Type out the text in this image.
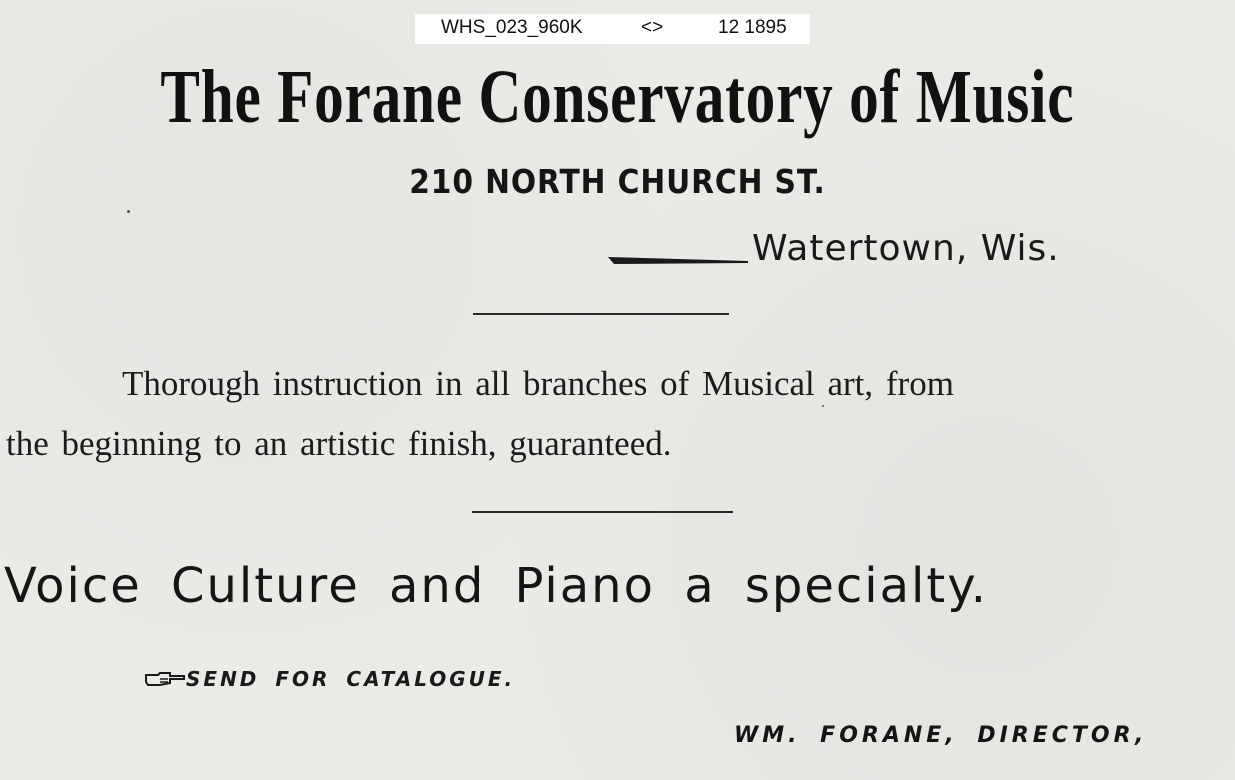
WHS_023_960K	<>	12 1895
The Forane Conservatory of Music
210 NORTH CHURCH ST.
Watertown, Wis.
Thorough instruction in all branches of Musical art, from
the beginning to an artistic finish, guaranteed.
Voice Culture and Piano a specialty.
SEND FOR CATALOGUE.
WM. FORANE, DIRECTOR,
